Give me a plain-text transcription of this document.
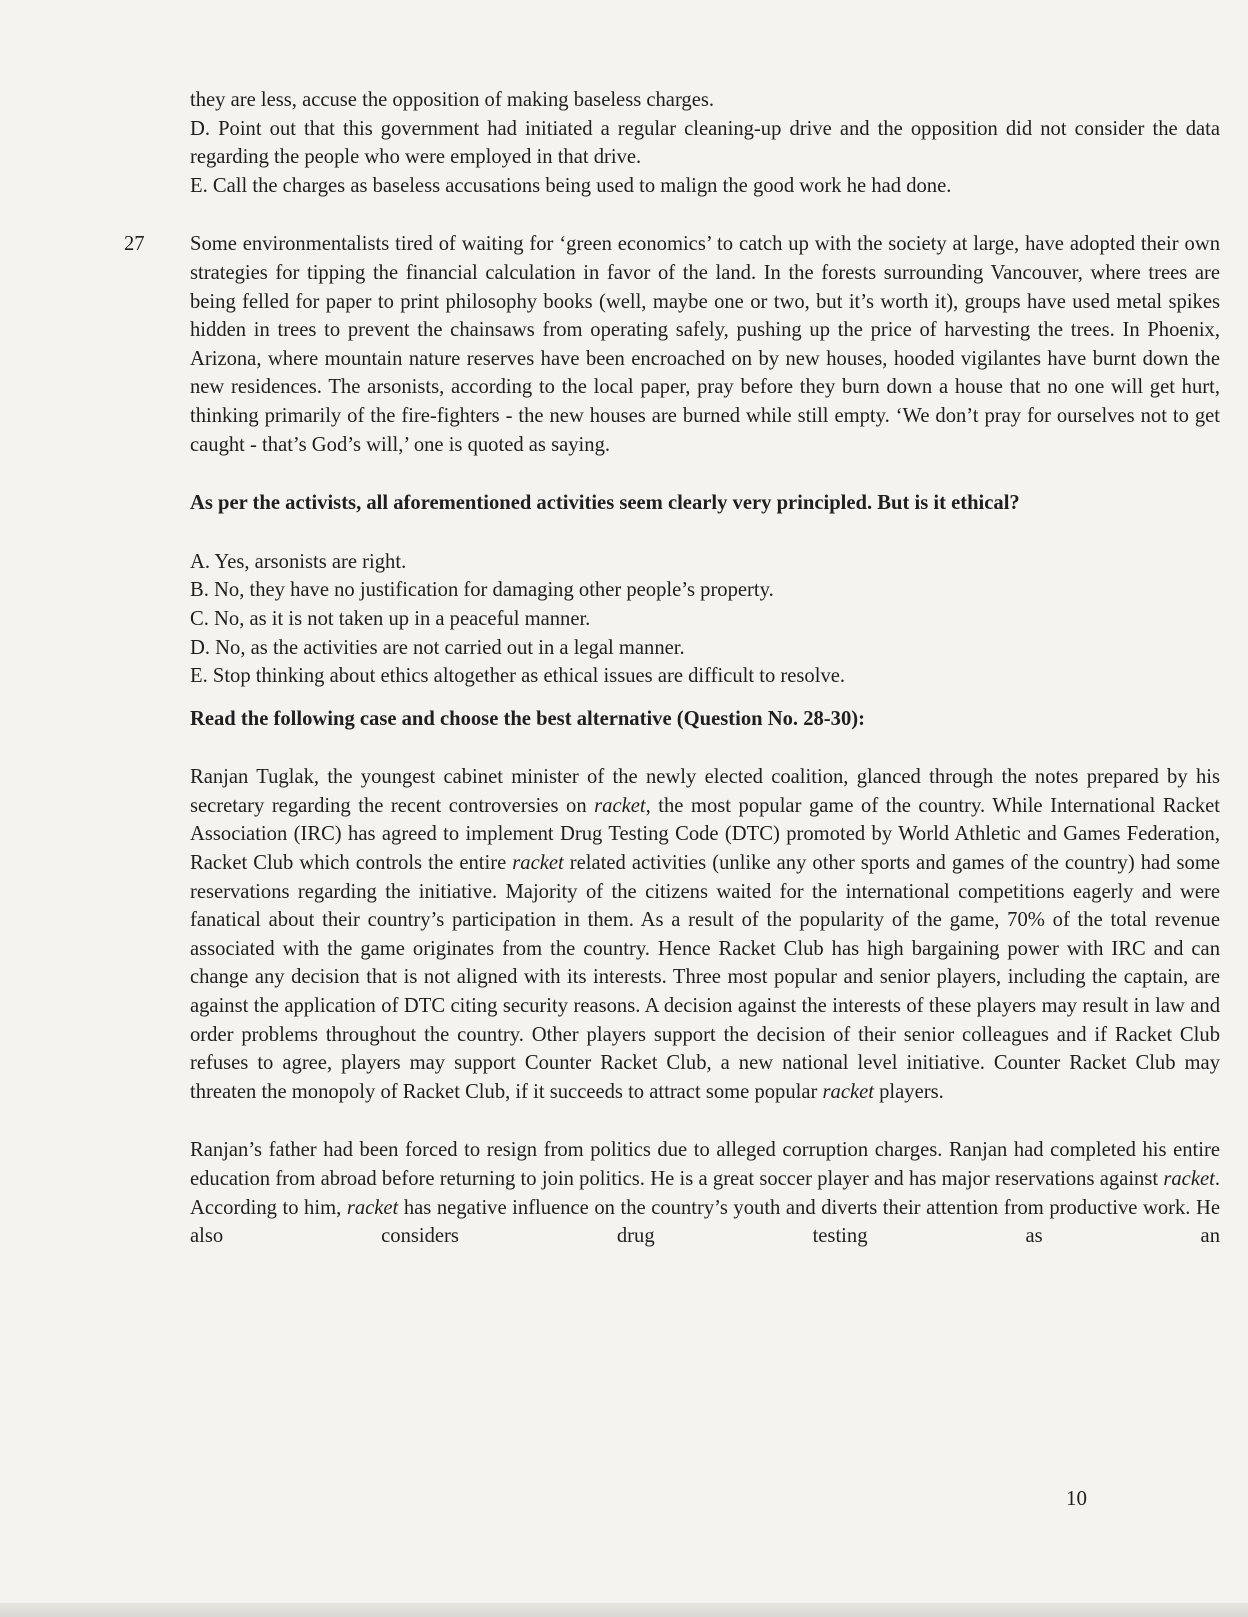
they are less, accuse the opposition of making baseless charges.

D. Point out that this government had initiated a regular cleaning-up drive and the opposition did not consider the data regarding the people who were employed in that drive.

E. Call the charges as baseless accusations being used to malign the good work he had done.

27 Some environmentalists tired of waiting for ‘green economics’ to catch up with the society at large, have adopted their own strategies for tipping the financial calculation in favor of the land. In the forests surrounding Vancouver, where trees are being felled for paper to print philosophy books (well, maybe one or two, but it’s worth it), groups have used metal spikes hidden in trees to prevent the chainsaws from operating safely, pushing up the price of harvesting the trees. In Phoenix, Arizona, where mountain nature reserves have been encroached on by new houses, hooded vigilantes have burnt down the new residences. The arsonists, according to the local paper, pray before they burn down a house that no one will get hurt, thinking primarily of the fire-fighters - the new houses are burned while still empty. ‘We don’t pray for ourselves not to get caught - that’s God’s will,’ one is quoted as saying.

As per the activists, all aforementioned activities seem clearly very principled. But is it ethical?

A. Yes, arsonists are right.

B. No, they have no justification for damaging other people’s property.

C. No, as it is not taken up in a peaceful manner.

D. No, as the activities are not carried out in a legal manner.

E. Stop thinking about ethics altogether as ethical issues are difficult to resolve.

Read the following case and choose the best alternative (Question No. 28-30):

Ranjan Tuglak, the youngest cabinet minister of the newly elected coalition, glanced through the notes prepared by his secretary regarding the recent controversies on racket, the most popular game of the country. While International Racket Association (IRC) has agreed to implement Drug Testing Code (DTC) promoted by World Athletic and Games Federation, Racket Club which controls the entire racket related activities (unlike any other sports and games of the country) had some reservations regarding the initiative. Majority of the citizens waited for the international competitions eagerly and were fanatical about their country’s participation in them. As a result of the popularity of the game, 70% of the total revenue associated with the game originates from the country. Hence Racket Club has high bargaining power with IRC and can change any decision that is not aligned with its interests. Three most popular and senior players, including the captain, are against the application of DTC citing security reasons. A decision against the interests of these players may result in law and order problems throughout the country. Other players support the decision of their senior colleagues and if Racket Club refuses to agree, players may support Counter Racket Club, a new national level initiative. Counter Racket Club may threaten the monopoly of Racket Club, if it succeeds to attract some popular racket players.

Ranjan’s father had been forced to resign from politics due to alleged corruption charges. Ranjan had completed his entire education from abroad before returning to join politics. He is a great soccer player and has major reservations against racket. According to him, racket has negative influence on the country’s youth and diverts their attention from productive work. He also considers drug testing as an

10
